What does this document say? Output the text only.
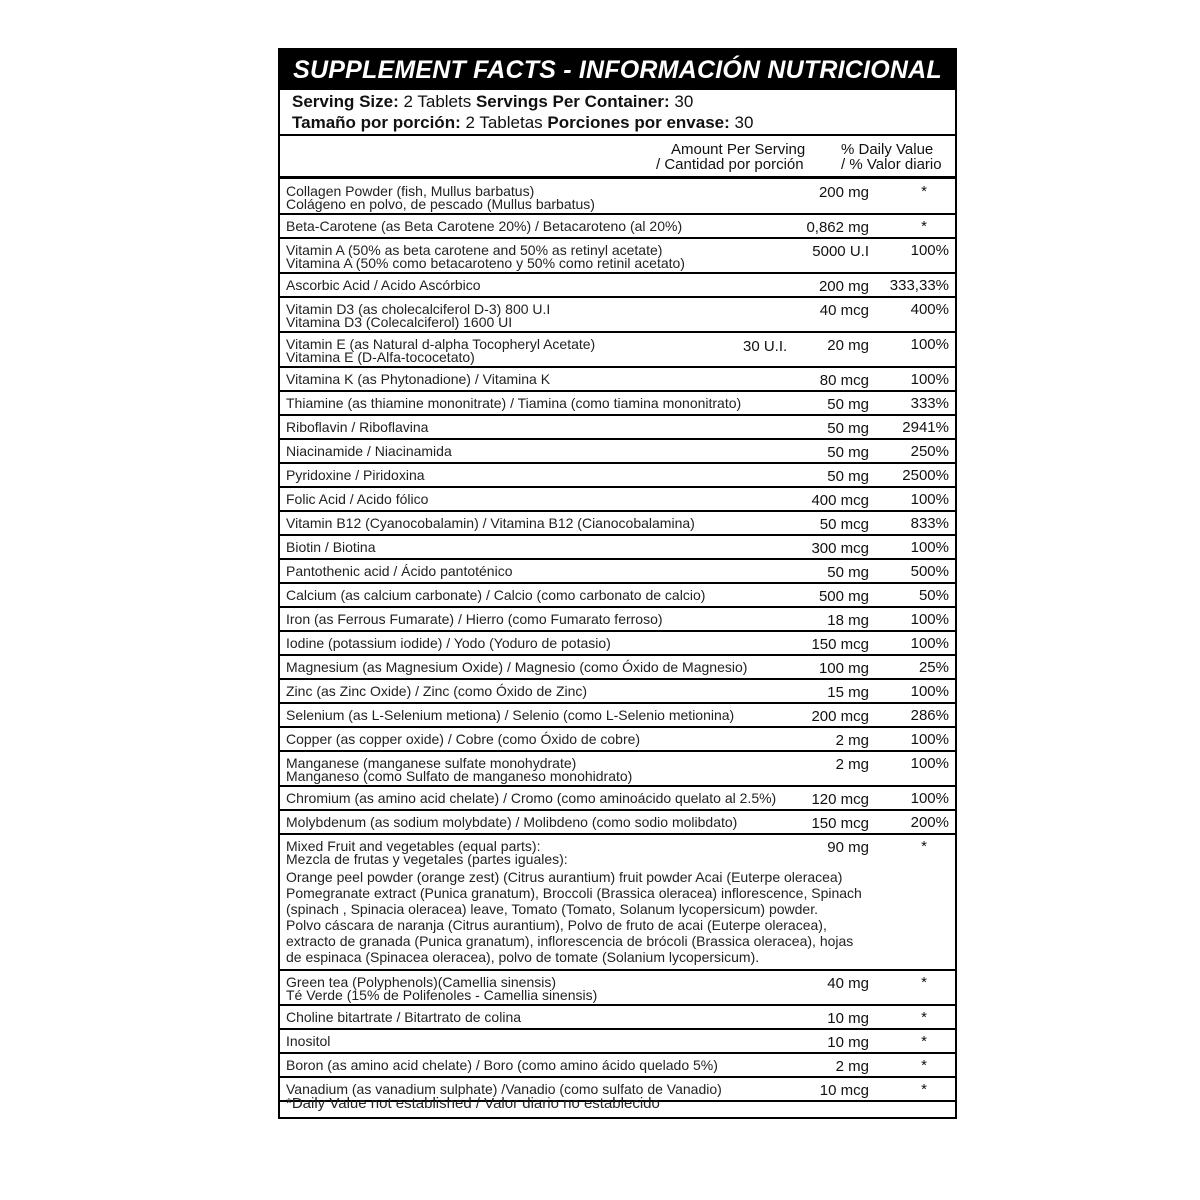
SUPPLEMENT FACTS - INFORMACIÓN NUTRICIONAL
Serving Size: 2 Tablets Servings Per Container: 30
Tamaño por porción: 2 Tabletas Porciones por envase: 30
Amount Per Serving
/ Cantidad por porción
% Daily Value
/ % Valor diario
Collagen Powder (fish, Mullus barbatus)
Colágeno en polvo, de pescado (Mullus barbatus)
200 mg	*
Beta-Carotene (as Beta Carotene 20%) / Betacaroteno (al 20%)	0,862 mg	*
Vitamin A (50% as beta carotene and 50% as retinyl acetate)
Vitamina A (50% como betacaroteno y 50% como retinil acetato)
5000 U.I	100%
Ascorbic Acid / Acido Ascórbico	200 mg	333,33%
Vitamin D3 (as cholecalciferol D-3) 800 U.I
Vitamina D3 (Colecalciferol) 1600 UI
40 mcg	400%
Vitamin E (as Natural d-alpha Tocopheryl Acetate)
Vitamina E (D-Alfa-tococetato)
30 U.I.	20 mg	100%
Vitamina K (as Phytonadione) / Vitamina K	80 mcg	100%
Thiamine (as thiamine mononitrate) / Tiamina (como tiamina mononitrato)	50 mg	333%
Riboflavin / Riboflavina	50 mg	2941%
Niacinamide / Niacinamida	50 mg	250%
Pyridoxine / Piridoxina	50 mg	2500%
Folic Acid / Acido fólico	400 mcg	100%
Vitamin B12 (Cyanocobalamin) / Vitamina B12 (Cianocobalamina)	50 mcg	833%
Biotin / Biotina	300 mcg	100%
Pantothenic acid / Ácido pantoténico	50 mg	500%
Calcium (as calcium carbonate) / Calcio (como carbonato de calcio)	500 mg	50%
Iron (as Ferrous Fumarate) / Hierro (como Fumarato ferroso)	18 mg	100%
Iodine (potassium iodide) / Yodo (Yoduro de potasio)	150 mcg	100%
Magnesium (as Magnesium Oxide) / Magnesio (como Óxido de Magnesio)	100 mg	25%
Zinc (as Zinc Oxide) / Zinc (como Óxido de Zinc)	15 mg	100%
Selenium (as L-Selenium metiona) / Selenio (como L-Selenio metionina)	200 mcg	286%
Copper (as copper oxide) / Cobre (como Óxido de cobre)	2 mg	100%
Manganese (manganese sulfate monohydrate)
Manganeso (como Sulfato de manganeso monohidrato)
2 mg	100%
Chromium (as amino acid chelate) / Cromo (como aminoácido quelato al 2.5%)	120 mcg	100%
Molybdenum (as sodium molybdate) / Molibdeno (como sodio molibdato)	150 mcg	200%
Mixed Fruit and vegetables (equal parts):
Mezcla de frutas y vegetales (partes iguales):
90 mg	*
Orange peel powder (orange zest) (Citrus aurantium) fruit powder Acai (Euterpe oleracea)
Pomegranate extract (Punica granatum), Broccoli (Brassica oleracea) inflorescence, Spinach
(spinach , Spinacia oleracea) leave, Tomato (Tomato, Solanum lycopersicum) powder.
Polvo cáscara de naranja (Citrus aurantium), Polvo de fruto de acai (Euterpe oleracea),
extracto de granada (Punica granatum), inflorescencia de brócoli (Brassica oleracea), hojas
de espinaca (Spinacea oleracea), polvo de tomate (Solanium lycopersicum).
Green tea (Polyphenols)(Camellia sinensis)
Té Verde (15% de Polifenoles - Camellia sinensis)
40 mg	*
Choline bitartrate / Bitartrato de colina	10 mg	*
Inositol	10 mg	*
Boron (as amino acid chelate) / Boro (como amino ácido quelado 5%)	2 mg	*
Vanadium (as vanadium sulphate) /Vanadio (como sulfato de Vanadio)	10 mcg	*
*Daily Value not established / Valor diario no establecido
